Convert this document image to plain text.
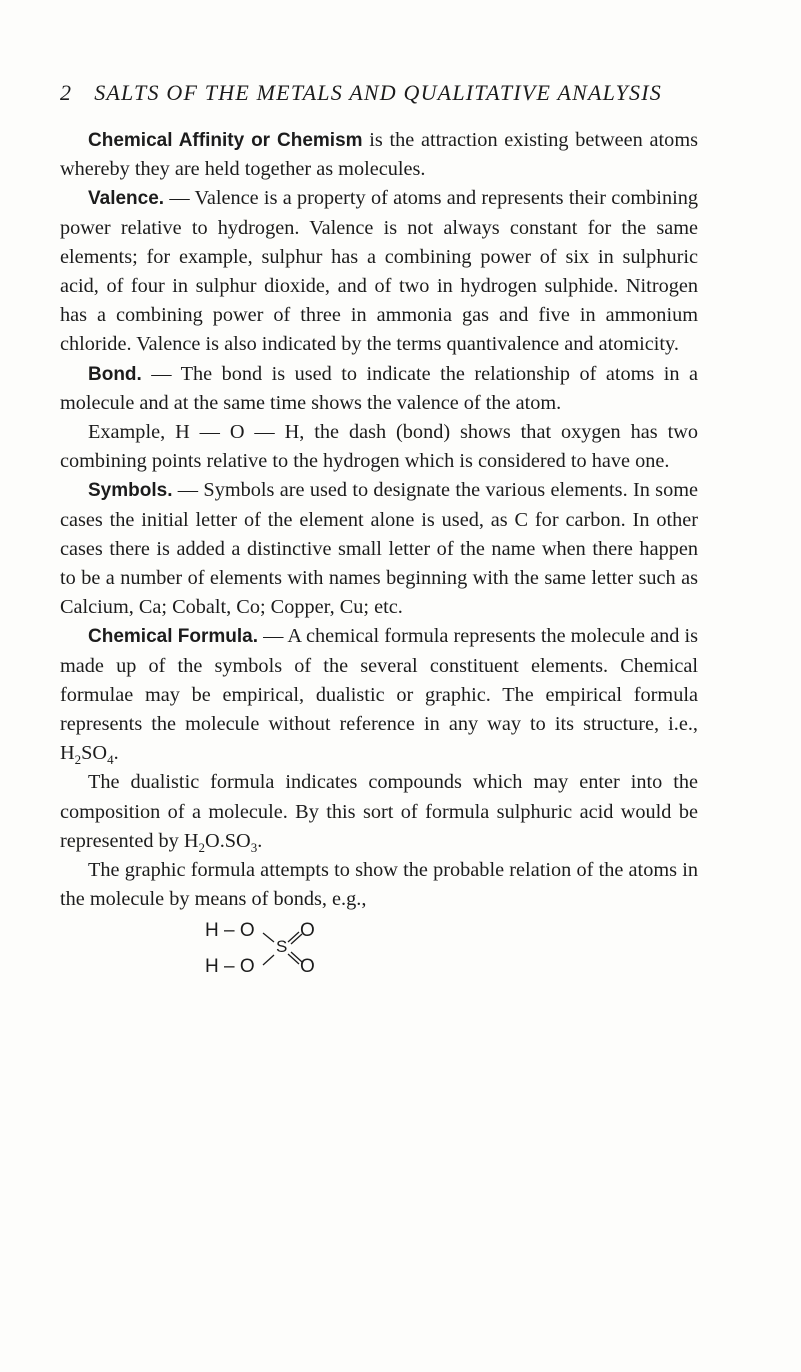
2 SALTS OF THE METALS AND QUALITATIVE ANALYSIS

Chemical Affinity or Chemism is the attraction existing between atoms whereby they are held together as molecules.

Valence. — Valence is a property of atoms and represents their combining power relative to hydrogen. Valence is not always constant for the same elements; for example, sulphur has a combining power of six in sulphuric acid, of four in sulphur dioxide, and of two in hydrogen sulphide. Nitrogen has a combining power of three in ammonia gas and five in ammonium chloride. Valence is also indicated by the terms quantivalence and atomicity.

Bond. — The bond is used to indicate the relationship of atoms in a molecule and at the same time shows the valence of the atom.

Example, H — O — H, the dash (bond) shows that oxygen has two combining points relative to the hydrogen which is considered to have one.

Symbols. — Symbols are used to designate the various elements. In some cases the initial letter of the element alone is used, as C for carbon. In other cases there is added a distinctive small letter of the name when there happen to be a number of elements with names beginning with the same letter such as Calcium, Ca; Cobalt, Co; Copper, Cu; etc.

Chemical Formula. — A chemical formula represents the molecule and is made up of the symbols of the several constituent elements. Chemical formulae may be empirical, dualistic or graphic. The empirical formula represents the molecule without reference in any way to its structure, i.e., $H_2SO_4$.

The dualistic formula indicates compounds which may enter into the composition of a molecule. By this sort of formula sulphuric acid would be represented by $H_2O.SO_3$.

The graphic formula attempts to show the probable relation of the atoms in the molecule by means of bonds, e.g.,

H – O O
S
H – O O
